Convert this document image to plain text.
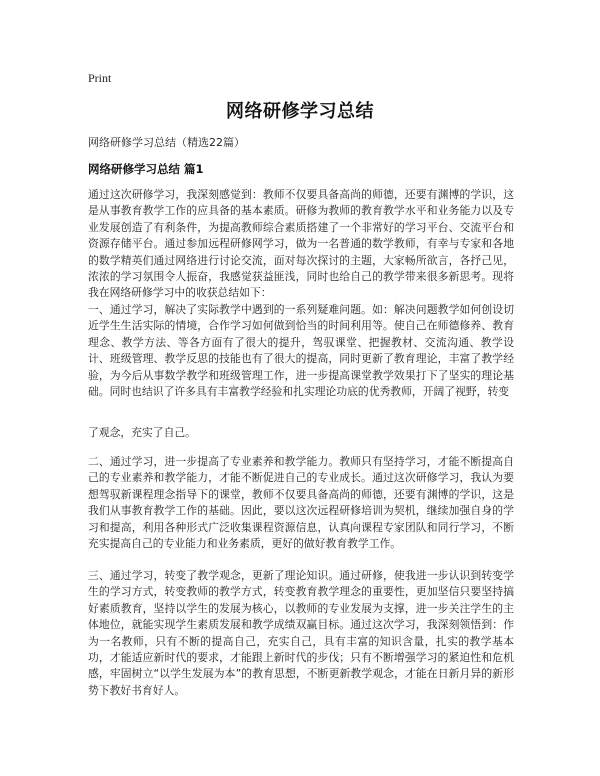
Print
网络研修学习总结

网络研修学习总结（精选22篇）

网络研修学习总结 篇1

通过这次研修学习，我深刻感觉到：教师不仅要具备高尚的师德，还要有渊博的学识，这是从事教育教学工作的应具备的基本素质。研修为教师的教育教学水平和业务能力以及专业发展创造了有利条件，为提高教师综合素质搭建了一个非常好的学习平台、交流平台和资源存储平台。通过参加远程研修网学习，做为一名普通的数学教师，有幸与专家和各地的数学精英们通过网络进行讨论交流，面对每次探讨的主题，大家畅所欲言，各抒己见，浓浓的学习氛围令人振奋，我感觉获益匪浅，同时也给自己的教学带来很多新思考。现将我在网络研修学习中的收获总结如下：

一、通过学习，解决了实际教学中遇到的一系列疑难问题。如：解决问题教学如何创设切近学生生活实际的情境，合作学习如何做到恰当的时间利用等。使自己在师德修养、教育理念、教学方法、等各方面有了很大的提升，驾驭课堂、把握教材、交流沟通、教学设计、班级管理、教学反思的技能也有了很大的提高，同时更新了教育理论，丰富了教学经验，为今后从事数学教学和班级管理工作，进一步提高课堂教学效果打下了坚实的理论基础。同时也结识了许多具有丰富教学经验和扎实理论功底的优秀教师，开阔了视野，转变

了观念，充实了自己。

二、通过学习，进一步提高了专业素养和教学能力。教师只有坚持学习，才能不断提高自己的专业素养和教学能力，才能不断促进自己的专业成长。通过这次研修学习，我认为要想驾驭新课程理念指导下的课堂，教师不仅要具备高尚的师德，还要有渊博的学识，这是我们从事教育教学工作的基础。因此，要以这次远程研修培训为契机，继续加强自身的学习和提高，利用各种形式广泛收集课程资源信息，认真向课程专家团队和同行学习，不断充实提高自己的专业能力和业务素质，更好的做好教育教学工作。

三、通过学习，转变了教学观念，更新了理论知识。通过研修，使我进一步认识到转变学生的学习方式，转变教师的教学方式，转变教育教学理念的重要性，更加坚信只要坚持搞好素质教育，坚持以学生的发展为核心，以教师的专业发展为支撑，进一步关注学生的主体地位，就能实现学生素质发展和教学成绩双赢目标。通过这次学习，我深刻领悟到：作为一名教师，只有不断的提高自己，充实自己，具有丰富的知识含量，扎实的教学基本功，才能适应新时代的要求，才能跟上新时代的步伐；只有不断增强学习的紧迫性和危机感，牢固树立“以学生发展为本”的教育思想，不断更新教学观念，才能在日新月异的新形势下教好书育好人。
